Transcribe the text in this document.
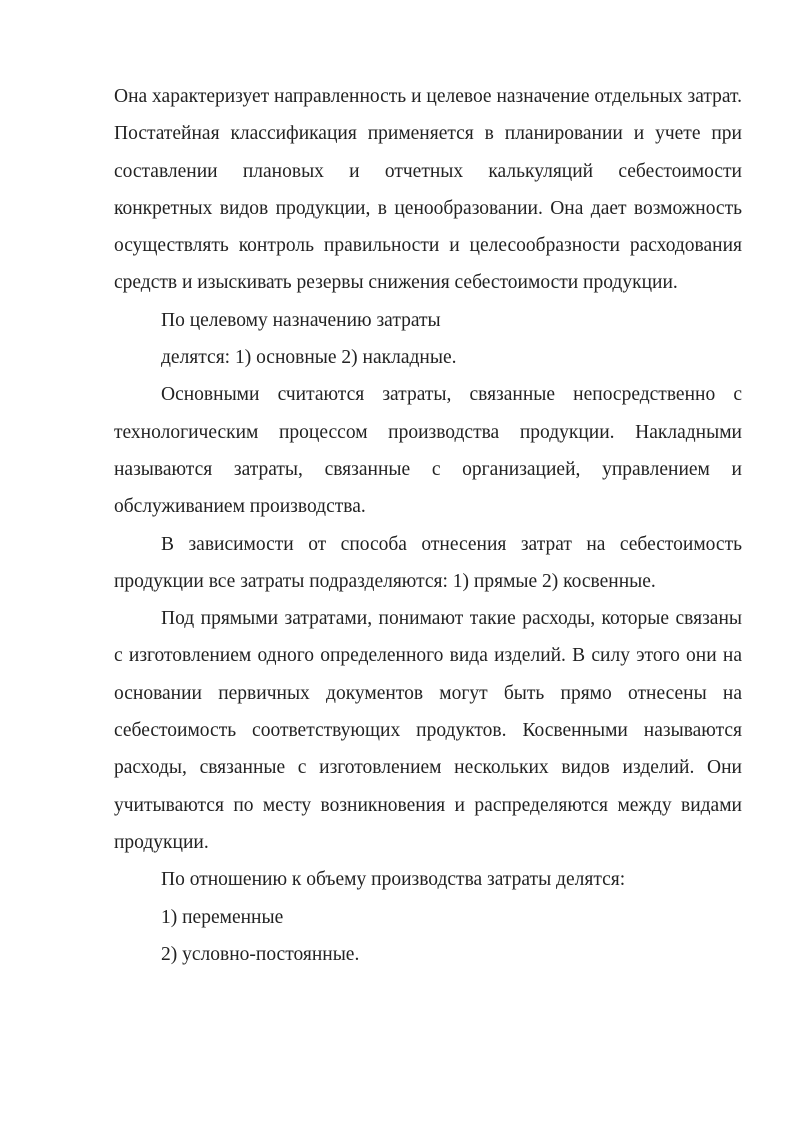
Она характеризует направленность и целевое назначение отдельных затрат. Постатейная классификация применяется в планировании и учете при составлении плановых и отчетных калькуляций себестоимости конкретных видов продукции, в ценообразовании. Она дает возможность осуществлять контроль правильности и целесообразности расходования средств и изыскивать резервы снижения себестоимости продукции.

По целевому назначению затраты

делятся: 1) основные 2) накладные.

Основными считаются затраты, связанные непосредственно с технологическим процессом производства продукции. Накладными называются затраты, связанные с организацией, управлением и обслуживанием производства.

В зависимости от способа отнесения затрат на себестоимость продукции все затраты подразделяются: 1) прямые 2) косвенные.

Под прямыми затратами, понимают такие расходы, которые связаны с изготовлением одного определенного вида изделий. В силу этого они на основании первичных документов могут быть прямо отнесены на себестоимость соответствующих продуктов. Косвенными называются расходы, связанные с изготовлением нескольких видов изделий. Они учитываются по месту возникновения и распределяются между видами продукции.

По отношению к объему производства затраты делятся:

1) переменные

2) условно-постоянные.
